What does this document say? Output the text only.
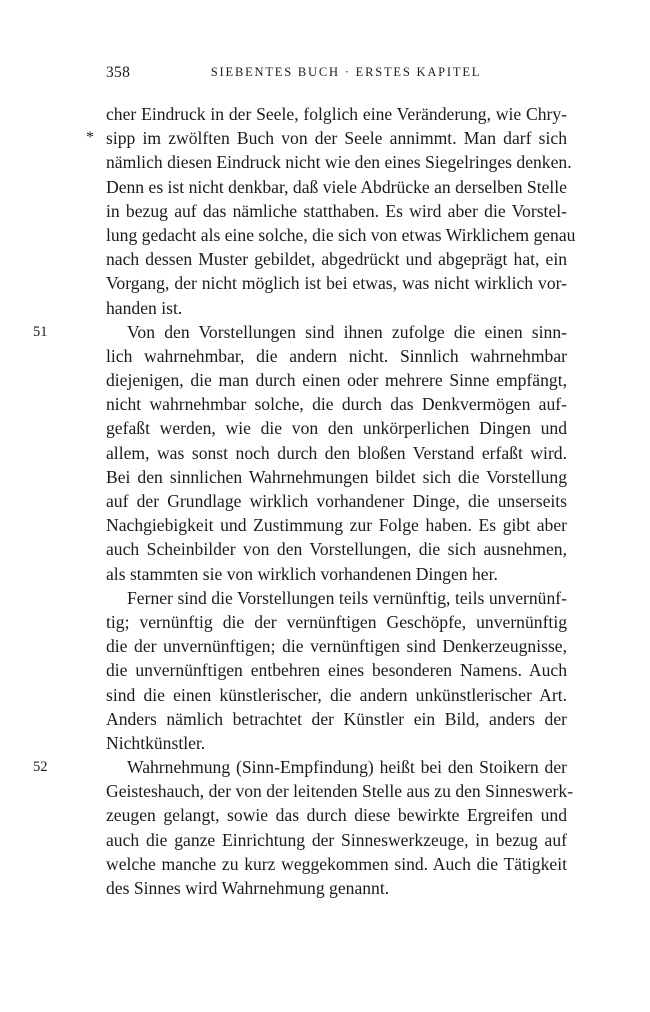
358	SIEBENTES BUCH · ERSTES KAPITEL
cher Eindruck in der Seele, folglich eine Veränderung, wie Chry-
* sipp im zwölften Buch von der Seele annimmt. Man darf sich
nämlich diesen Eindruck nicht wie den eines Siegelringes denken.
Denn es ist nicht denkbar, daß viele Abdrücke an derselben Stelle
in bezug auf das nämliche statthaben. Es wird aber die Vorstel-
lung gedacht als eine solche, die sich von etwas Wirklichem genau
nach dessen Muster gebildet, abgedrückt und abgeprägt hat, ein
Vorgang, der nicht möglich ist bei etwas, was nicht wirklich vor-
handen ist.
51	Von den Vorstellungen sind ihnen zufolge die einen sinn-
lich wahrnehmbar, die andern nicht. Sinnlich wahrnehmbar
diejenigen, die man durch einen oder mehrere Sinne empfängt,
nicht wahrnehmbar solche, die durch das Denkvermögen auf-
gefaßt werden, wie die von den unkörperlichen Dingen und
allem, was sonst noch durch den bloßen Verstand erfaßt wird.
Bei den sinnlichen Wahrnehmungen bildet sich die Vorstellung
auf der Grundlage wirklich vorhandener Dinge, die unserseits
Nachgiebigkeit und Zustimmung zur Folge haben. Es gibt aber
auch Scheinbilder von den Vorstellungen, die sich ausnehmen,
als stammten sie von wirklich vorhandenen Dingen her.
Ferner sind die Vorstellungen teils vernünftig, teils unvernünf-
tig; vernünftig die der vernünftigen Geschöpfe, unvernünftig
die der unvernünftigen; die vernünftigen sind Denkerzeugnisse,
die unvernünftigen entbehren eines besonderen Namens. Auch
sind die einen künstlerischer, die andern unkünstlerischer Art.
Anders nämlich betrachtet der Künstler ein Bild, anders der
Nichtkünstler.
52	Wahrnehmung (Sinn-Empfindung) heißt bei den Stoikern der
Geisteshauch, der von der leitenden Stelle aus zu den Sinneswerk-
zeugen gelangt, sowie das durch diese bewirkte Ergreifen und
auch die ganze Einrichtung der Sinneswerkzeuge, in bezug auf
welche manche zu kurz weggekommen sind. Auch die Tätigkeit
des Sinnes wird Wahrnehmung genannt.
